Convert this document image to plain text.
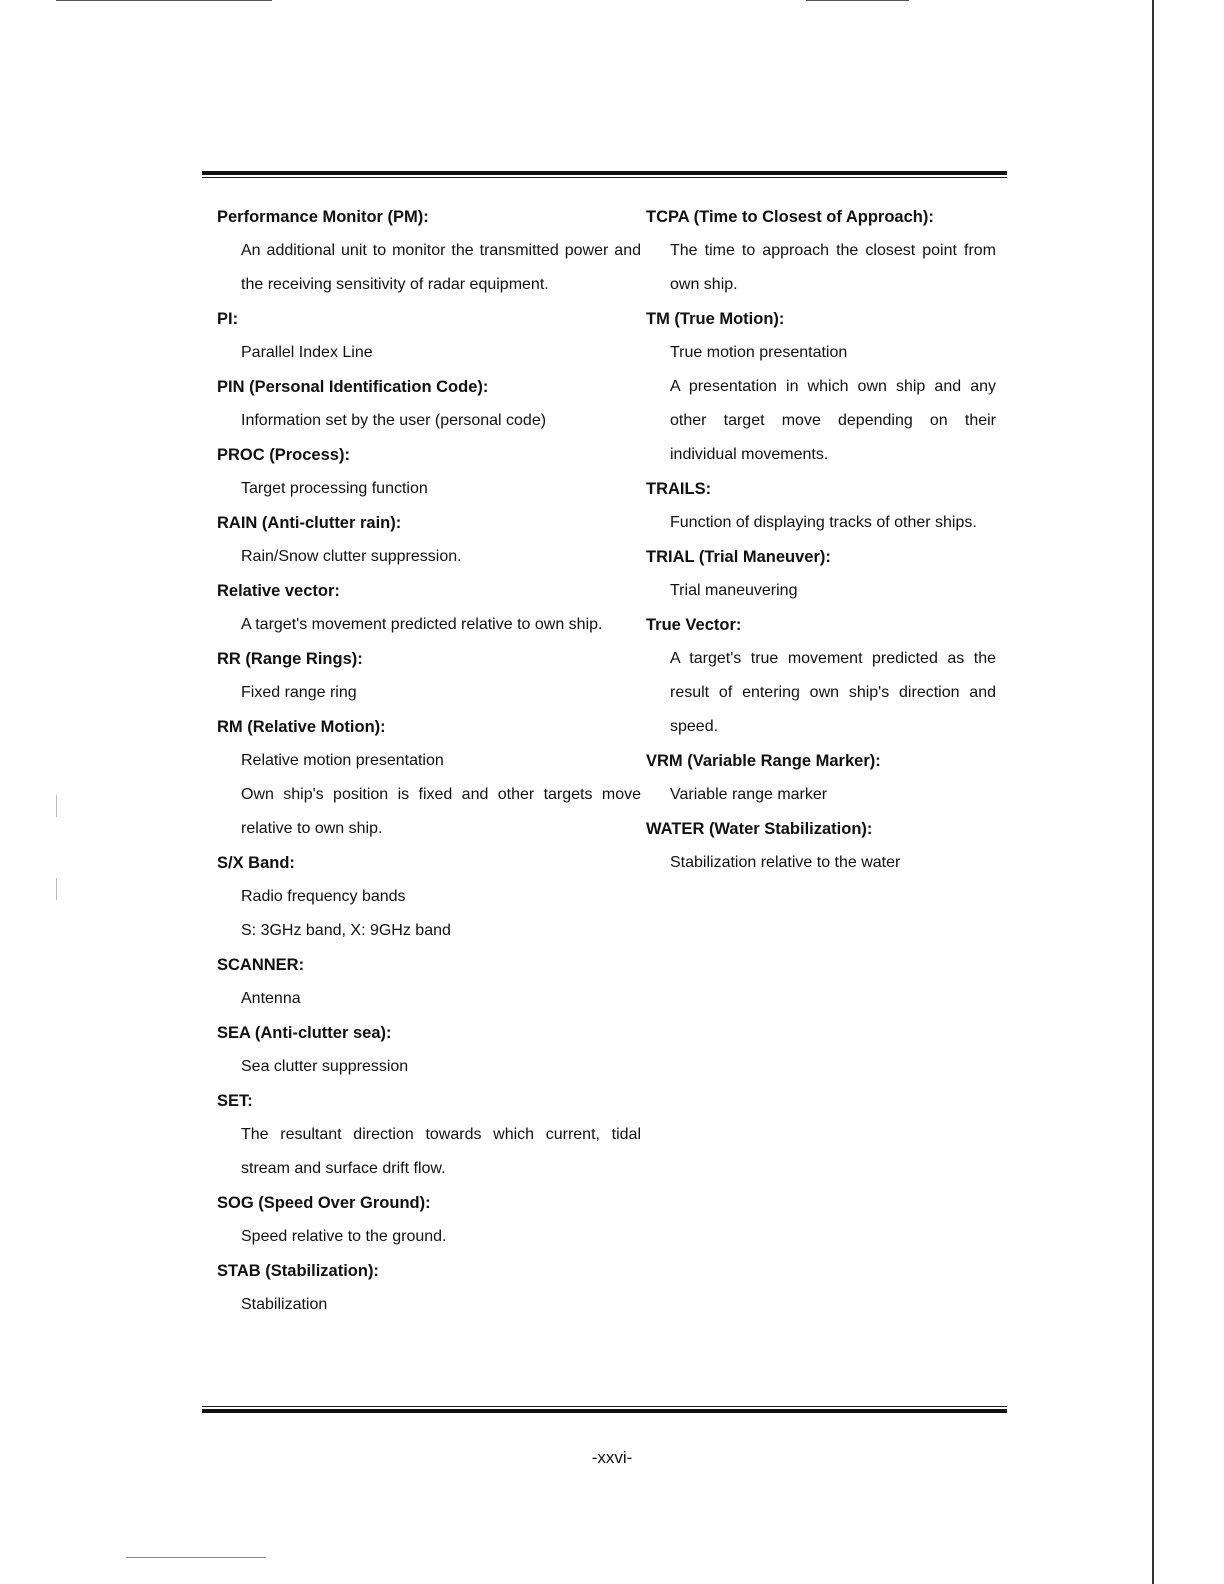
Performance Monitor (PM):
An additional unit to monitor the transmitted power and the receiving sensitivity of radar equipment.
PI:
Parallel Index Line
PIN (Personal Identification Code):
Information set by the user (personal code)
PROC (Process):
Target processing function
RAIN (Anti-clutter rain):
Rain/Snow clutter suppression.
Relative vector:
A target's movement predicted relative to own ship.
RR (Range Rings):
Fixed range ring
RM (Relative Motion):
Relative motion presentation
Own ship's position is fixed and other targets move relative to own ship.
S/X Band:
Radio frequency bands
S: 3GHz band, X: 9GHz band
SCANNER:
Antenna
SEA (Anti-clutter sea):
Sea clutter suppression
SET:
The resultant direction towards which current, tidal stream and surface drift flow.
SOG (Speed Over Ground):
Speed relative to the ground.
STAB (Stabilization):
Stabilization
TCPA (Time to Closest of Approach):
The time to approach the closest point from own ship.
TM (True Motion):
True motion presentation
A presentation in which own ship and any other target move depending on their individual movements.
TRAILS:
Function of displaying tracks of other ships.
TRIAL (Trial Maneuver):
Trial maneuvering
True Vector:
A target's true movement predicted as the result of entering own ship's direction and speed.
VRM (Variable Range Marker):
Variable range marker
WATER (Water Stabilization):
Stabilization relative to the water
-xxvi-
